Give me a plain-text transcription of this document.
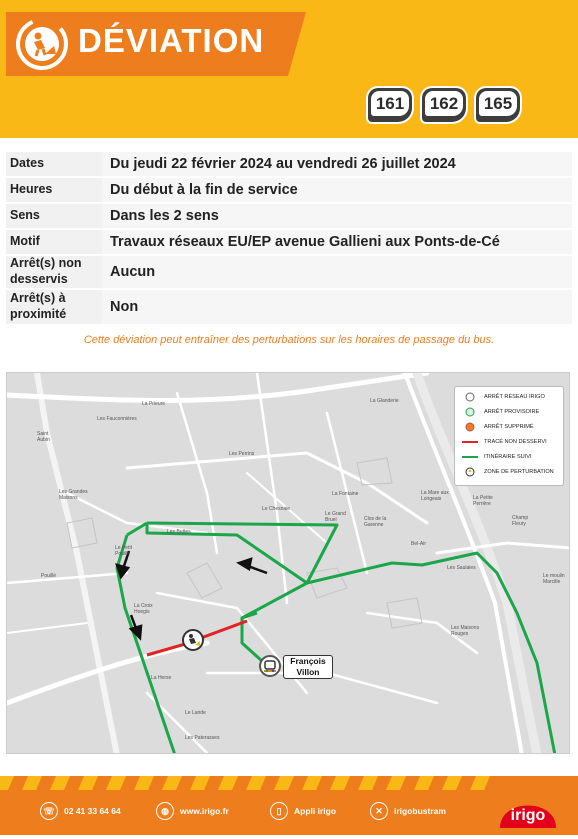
DÉVIATION
161 162 165
Dates	Du jeudi 22 février 2024 au vendredi 26 juillet 2024
Heures	Du début à la fin de service
Sens	Dans les 2 sens
Motif	Travaux réseaux EU/EP avenue Gallieni aux Ponts-de-Cé
Arrêt(s) non desservis	Aucun
Arrêt(s) à proximité	Non
Cette déviation peut entraîner des perturbations sur les horaires de passage du bus.
La Prieure
Les Fauconnières
Saint Aubin
Les Perrins
La Fontaine
La Glanderie
La Mare aux Loirgeais	La Petite Perrière
Les Grandes Maisons
Les Buttes
Le Chesnaie
Le Grand Bruel	Clos de la Garenne
Bel-Air
Champ Fleury
Le Petit Pouillé
Pouillé
La Croix Hoegis
Les Maisons Rouges
Les Saulaies
La Herse
Le Lande
Les Paterasses
Le moulin Marcille
François
Villon
ARRÊT RÉSEAU IRIGO
ARRÊT PROVISOIRE
ARRÊT SUPPRIMÉ
TRACÉ NON DESSERVI
ITINÉRAIRE SUIVI
ZONE DE PERTURBATION
☏	02 41 33 64 64	◍	www.irigo.fr	▯	Appli irigo	✕	irigobustram	irigo
